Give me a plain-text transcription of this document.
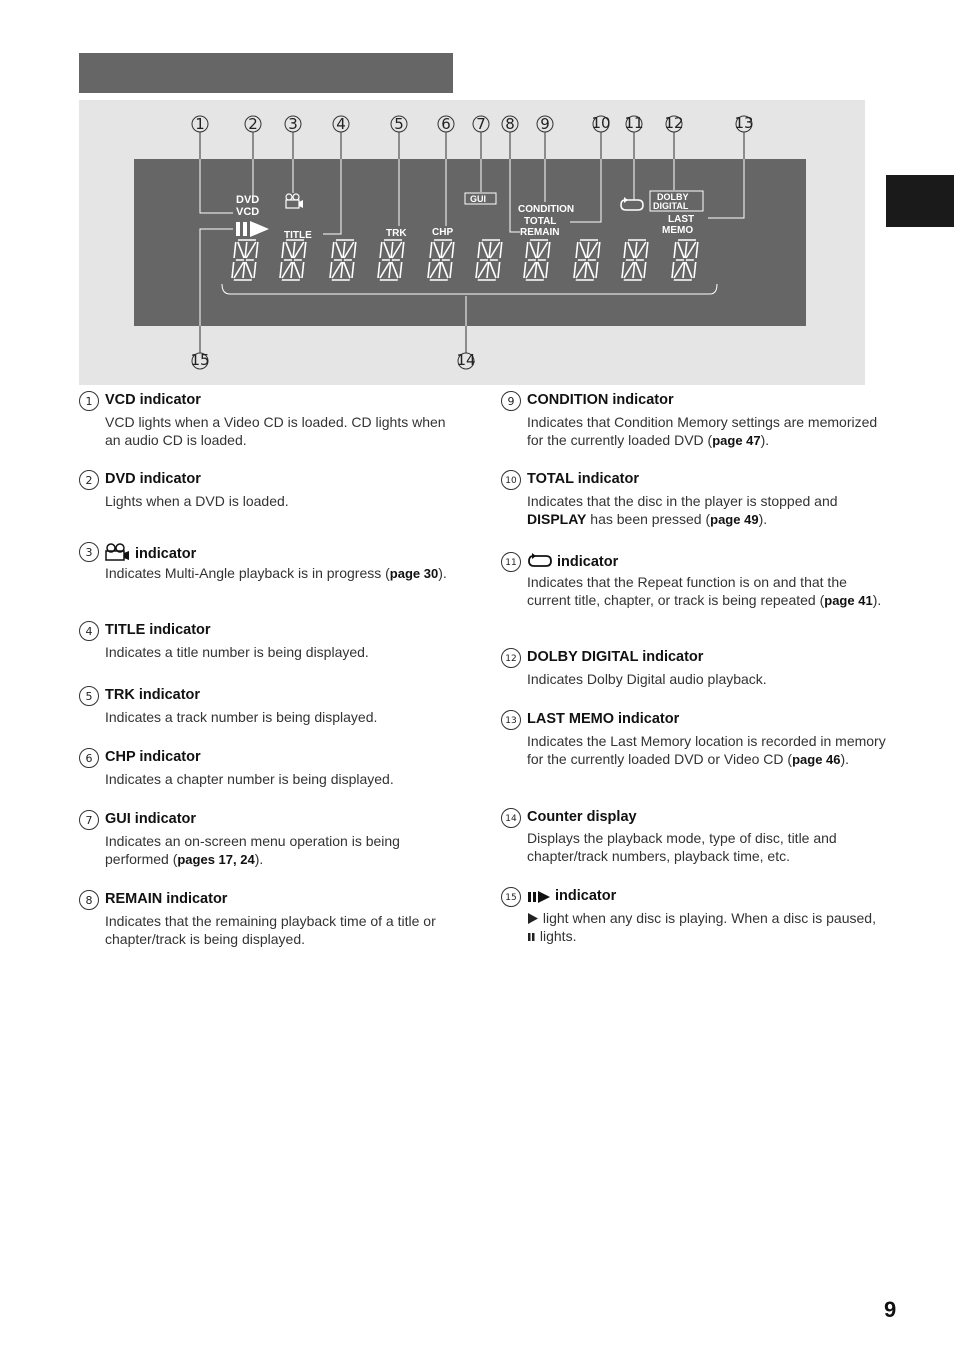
1	2 3	4	5 6 7 8 9	10 11 12	13
14
15
DVD
VCD
TITLE	TRK	CHP
GUI
CONDITION
TOTAL
REMAIN
DOLBY
DIGITAL
LAST
MEMO
1 VCD indicator
VCD lights when a Video CD is loaded. CD lights when an audio CD is loaded.
2 DVD indicator
Lights when a DVD is loaded.
3	indicator
Indicates Multi-Angle playback is in progress (page 30).
4 TITLE indicator
Indicates a title number is being displayed.
5 TRK indicator
Indicates a track number is being displayed.
6 CHP indicator
Indicates a chapter number is being displayed.
7 GUI indicator
Indicates an on-screen menu operation is being performed (pages 17, 24).
8 REMAIN indicator
Indicates that the remaining playback time of a title or chapter/track is being displayed.
9 CONDITION indicator
Indicates that Condition Memory settings are memorized for the currently loaded DVD (page 47).
10 TOTAL indicator
Indicates that the disc in the player is stopped and DISPLAY has been pressed (page 49).
11	indicator
Indicates that the Repeat function is on and that the current title, chapter, or track is being repeated (page 41).
12 DOLBY DIGITAL indicator
Indicates Dolby Digital audio playback.
13 LAST MEMO indicator
Indicates the Last Memory location is recorded in memory for the currently loaded DVD or Video CD (page 46).
14 Counter display
Displays the playback mode, type of disc, title and chapter/track numbers, playback time, etc.
15	indicator
light when any disc is playing. When a disc is paused,  lights.
9
